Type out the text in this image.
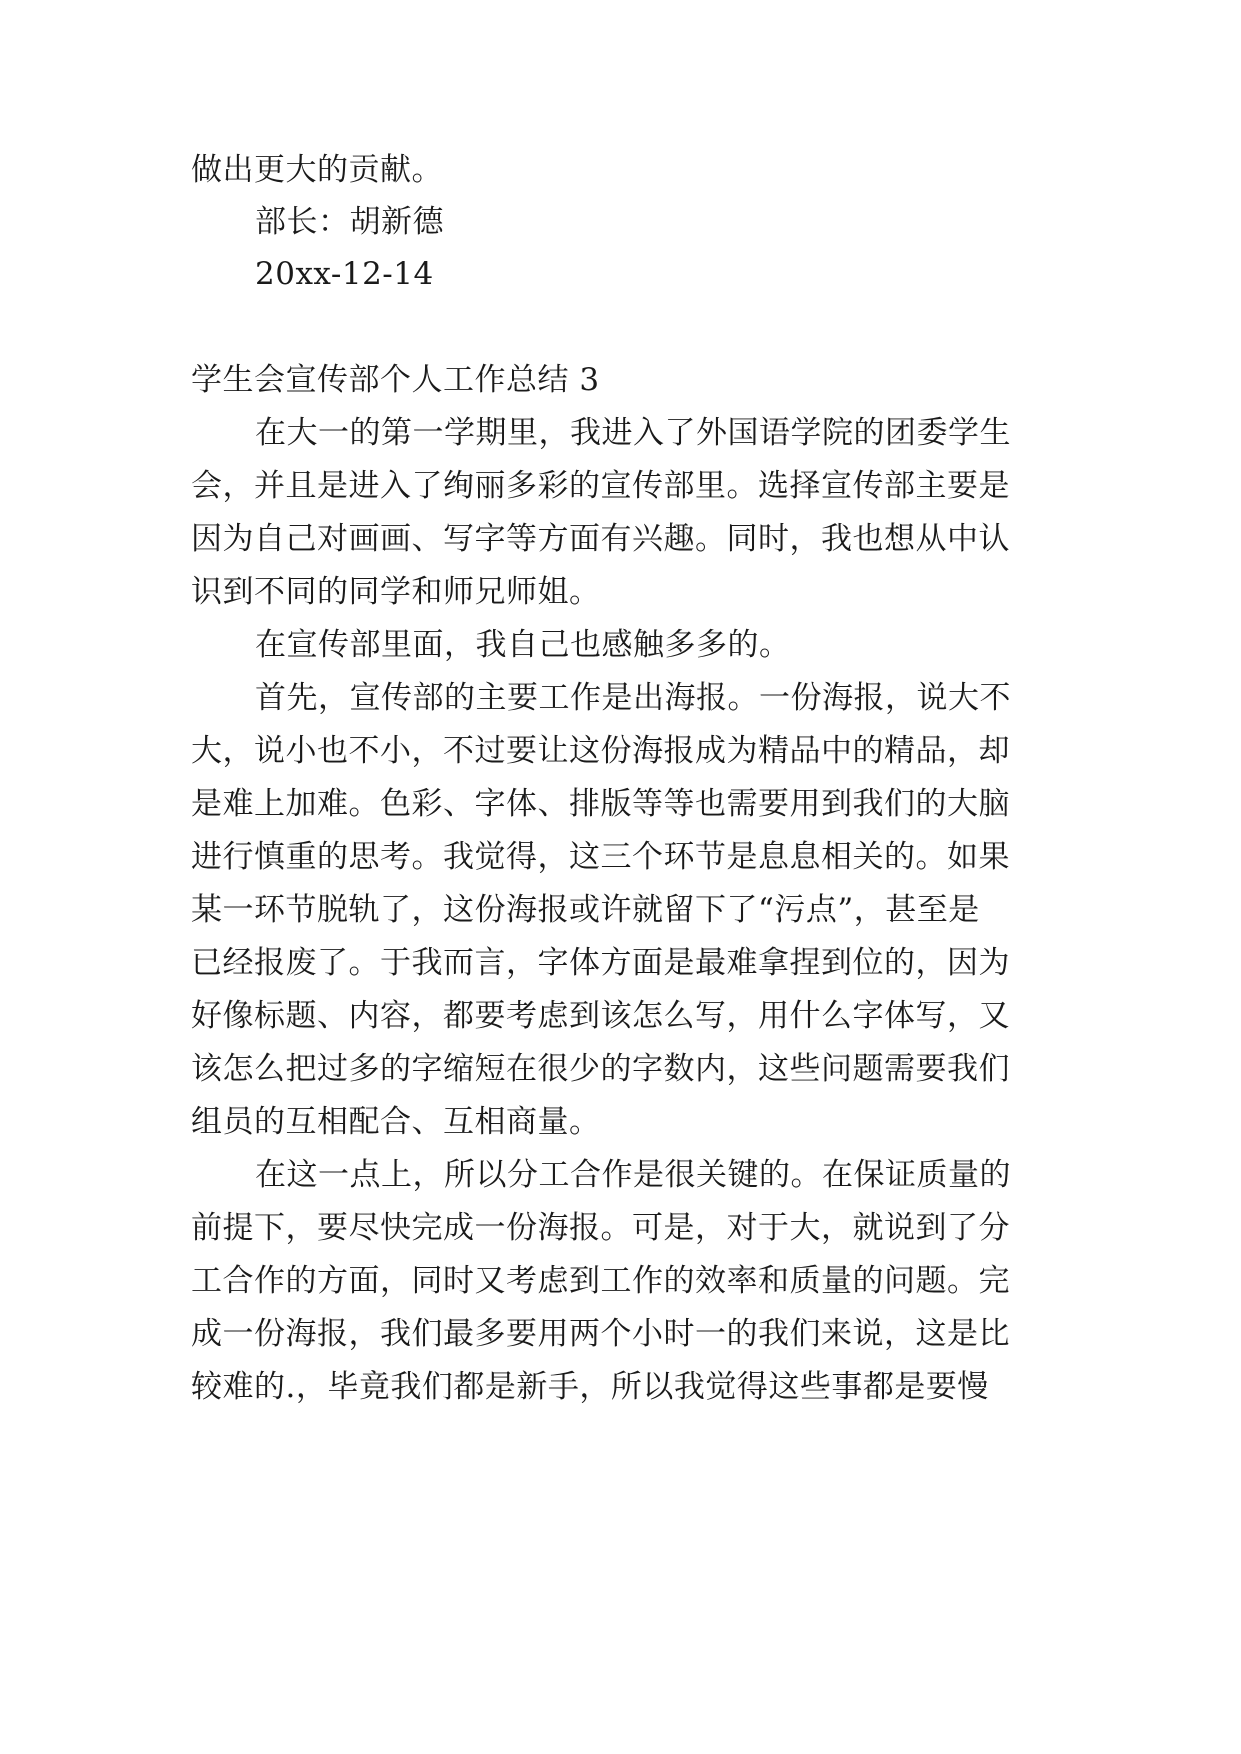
做出更大的贡献。
部长：胡新德
20xx-12-14
学生会宣传部个人工作总结 3
在大一的第一学期里，我进入了外国语学院的团委学生
会，并且是进入了绚丽多彩的宣传部里。选择宣传部主要是
因为自己对画画、写字等方面有兴趣。同时，我也想从中认
识到不同的同学和师兄师姐。
在宣传部里面，我自己也感触多多的。
首先，宣传部的主要工作是出海报。一份海报，说大不
大，说小也不小，不过要让这份海报成为精品中的精品，却
是难上加难。色彩、字体、排版等等也需要用到我们的大脑
进行慎重的思考。我觉得，这三个环节是息息相关的。如果
某一环节脱轨了，这份海报或许就留下了“污点”，甚至是
已经报废了。于我而言，字体方面是最难拿捏到位的，因为
好像标题、内容，都要考虑到该怎么写，用什么字体写，又
该怎么把过多的字缩短在很少的字数内，这些问题需要我们
组员的互相配合、互相商量。
在这一点上，所以分工合作是很关键的。在保证质量的
前提下，要尽快完成一份海报。可是，对于大，就说到了分
工合作的方面，同时又考虑到工作的效率和质量的问题。完
成一份海报，我们最多要用两个小时一的我们来说，这是比
较难的.，毕竟我们都是新手，所以我觉得这些事都是要慢
